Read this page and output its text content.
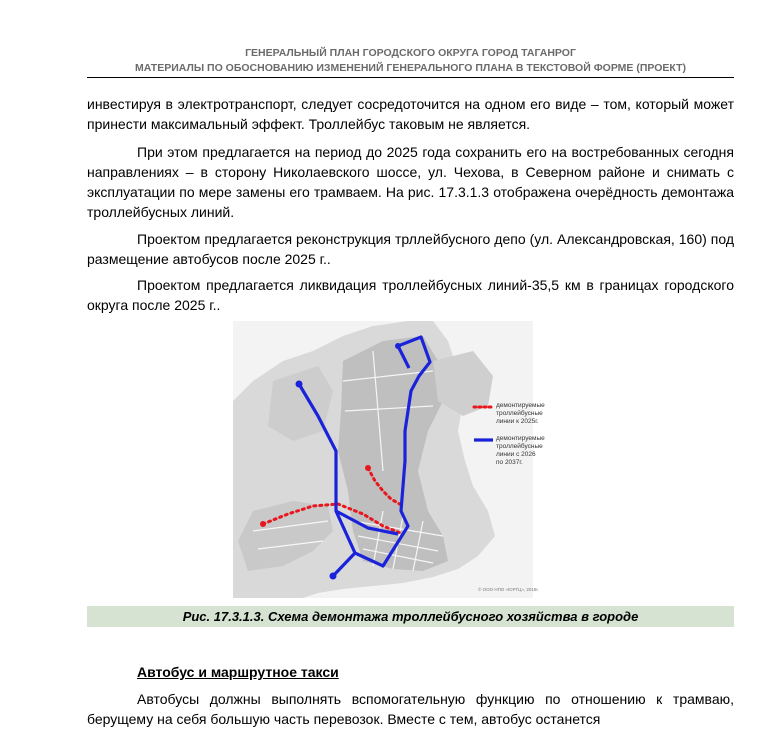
ГЕНЕРАЛЬНЫЙ ПЛАН ГОРОДСКОГО ОКРУГА ГОРОД ТАГАНРОГ
МАТЕРИАЛЫ ПО ОБОСНОВАНИЮ ИЗМЕНЕНИЙ ГЕНЕРАЛЬНОГО ПЛАНА В ТЕКСТОВОЙ ФОРМЕ (ПРОЕКТ)

инвестируя в электротранспорт, следует сосредоточится на одном его виде – том, который может принести максимальный эффект. Троллейбус таковым не является.

При этом предлагается на период до 2025 года сохранить его на востребованных сегодня направлениях – в сторону Николаевского шоссе, ул. Чехова, в Северном районе и снимать с эксплуатации по мере замены его трамваем. На рис. 17.3.1.3 отображена очерёдность демонтажа троллейбусных линий.

Проектом предлагается реконструкция трллейбусного депо (ул. Александровская, 160) под размещение автобусов после 2025 г..

Проектом предлагается ликвидация троллейбусных линий-35,5 км в границах городского округа после 2025 г..

демонтируемые
троллейбусные
линии к 2025г.
демонтируемые
троллейбусные
линии с 2026
по 2037г.
© ООО НПО «ЮРГЦ», 2018г.
Рис. 17.3.1.3. Схема демонтажа троллейбусного хозяйства в городе
Автобус и маршрутное такси

Автобусы должны выполнять вспомогательную функцию по отношению к трамваю, берущему на себя большую часть перевозок. Вместе с тем, автобус останется
